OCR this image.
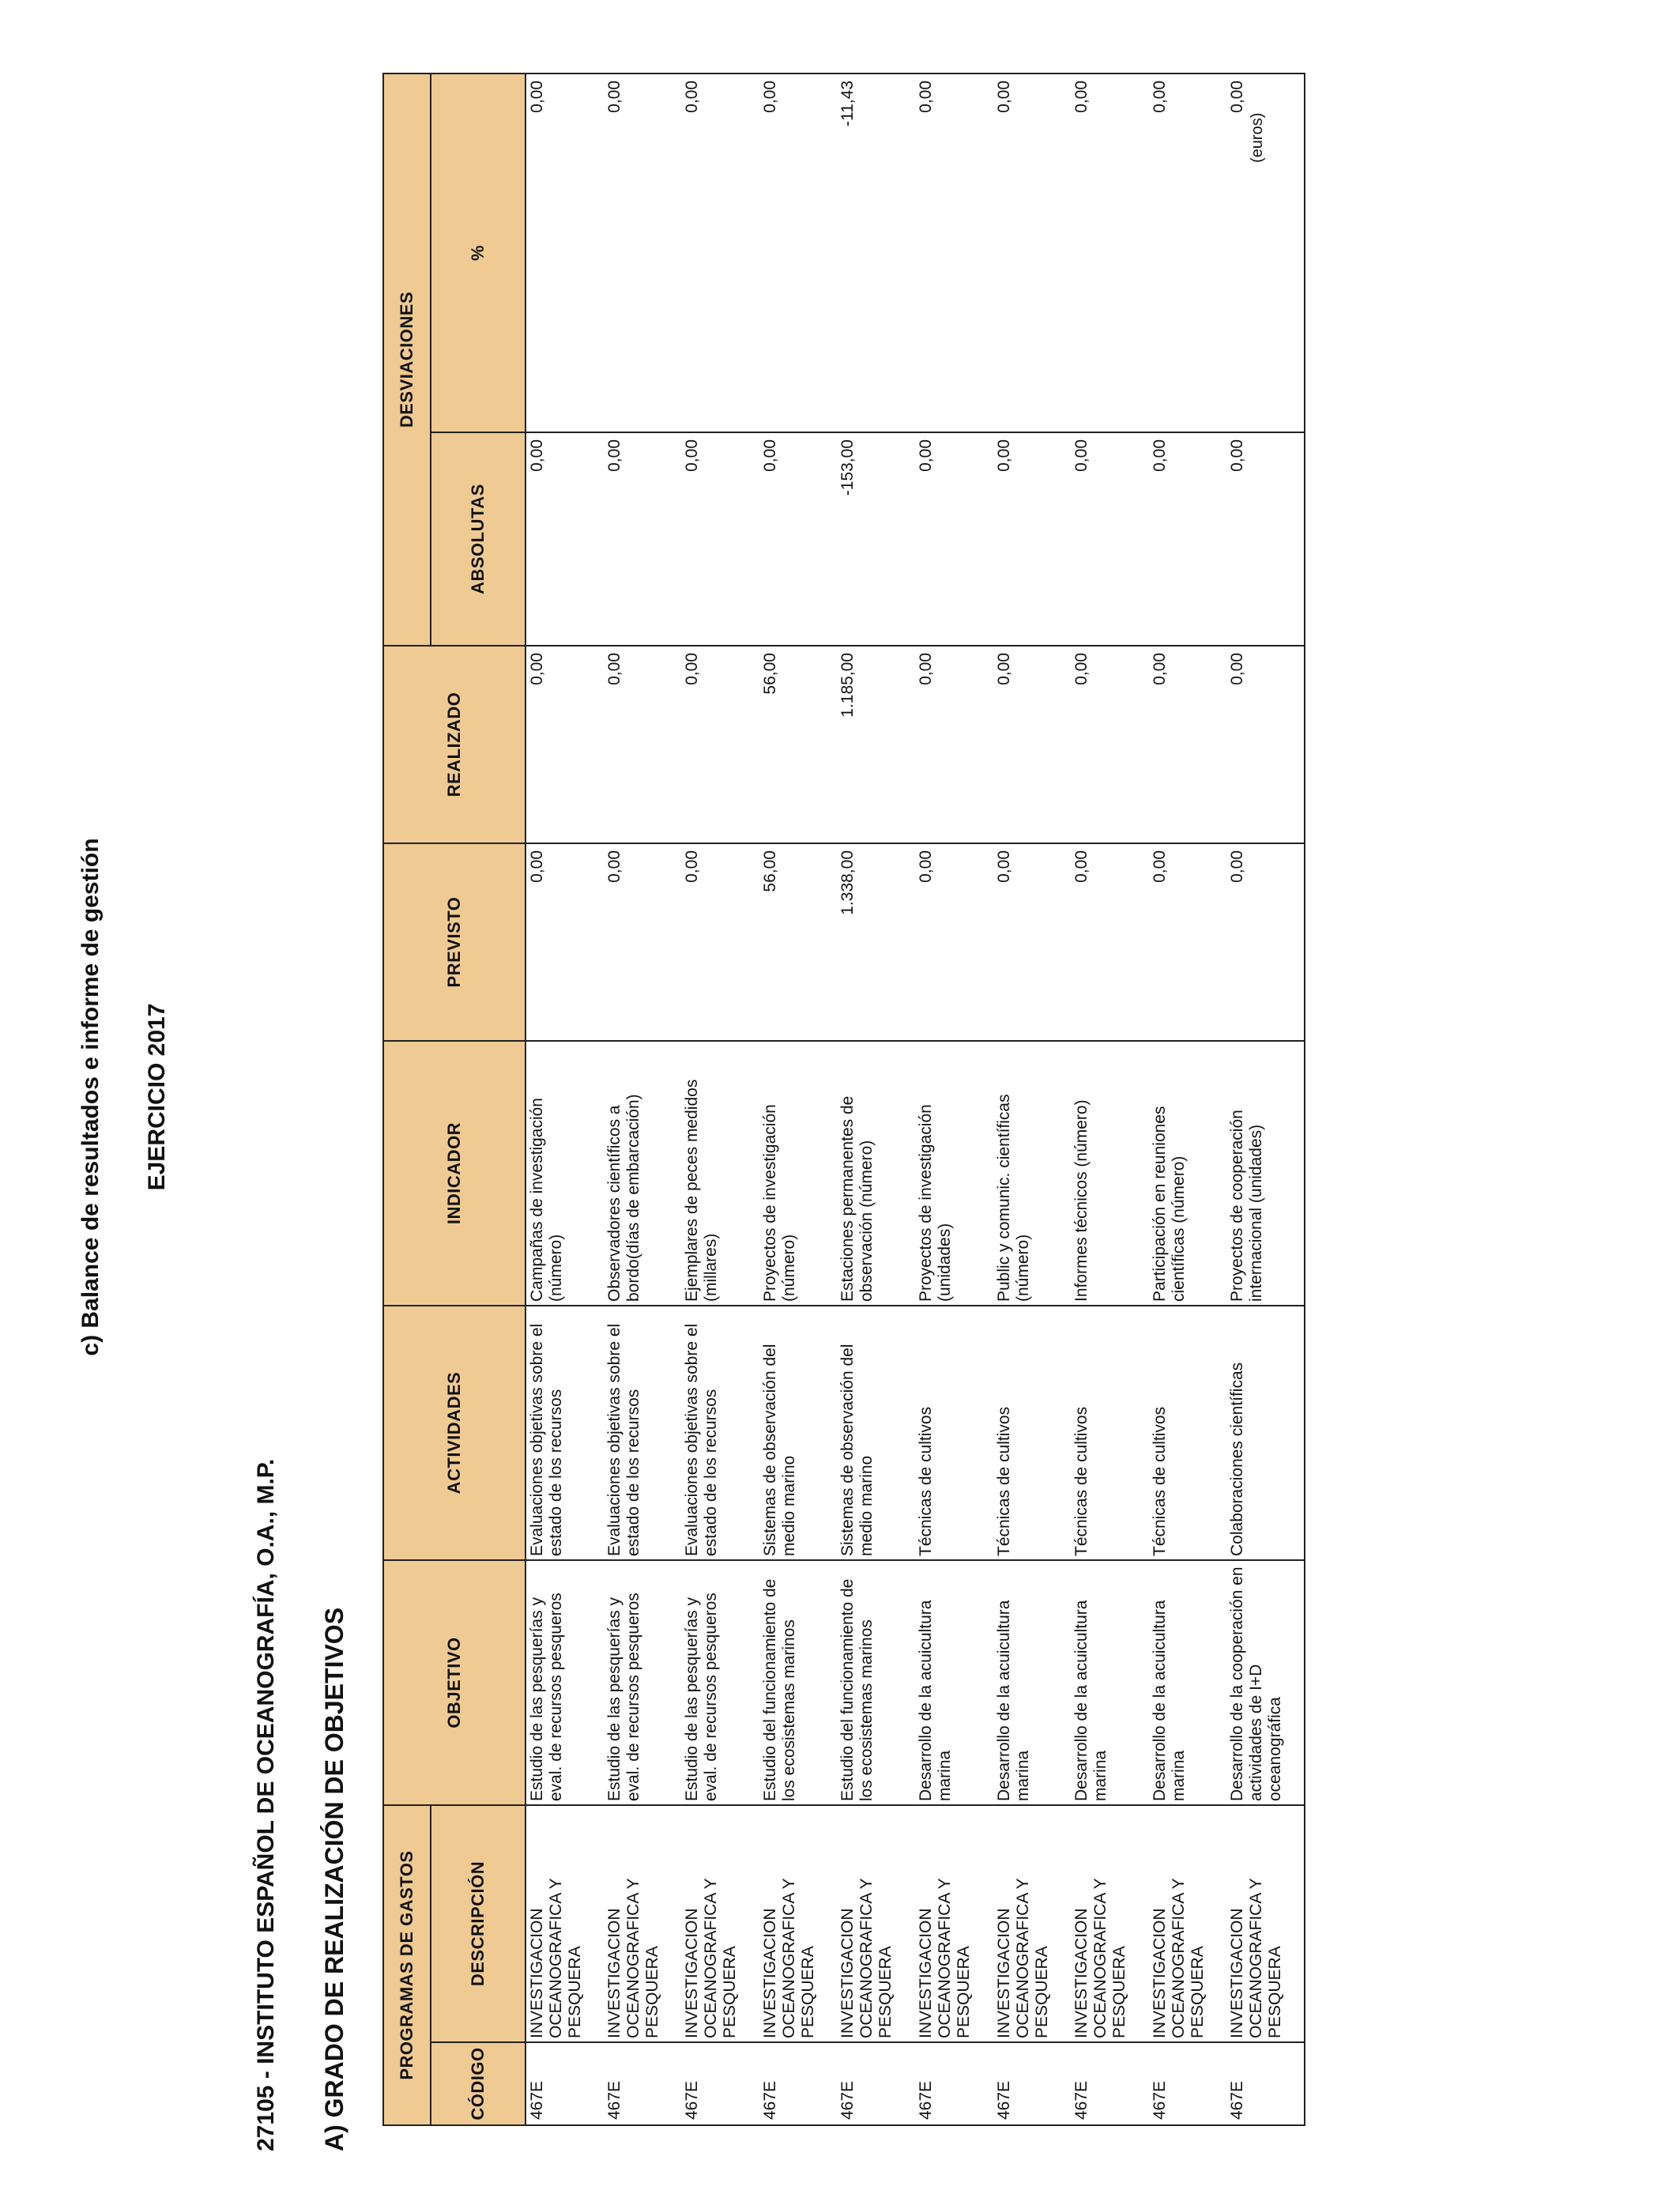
c) Balance de resultados e informe de gestión EJERCICIO 2017
27105 - INSTITUTO ESPAÑOL DE OCEANOGRAFÍA, O.A., M.P. A) GRADO DE REALIZACIÓN DE OBJETIVOS
(euros)
PROGRAMAS DE GASTOS		OBJETIVO	ACTIVIDADES	INDICADOR	PREVISTO	REALIZADO	DESVIACIONES	
CÓDIGO	DESCRIPCIÓN						ABSOLUTAS	%
467E	INVESTIGACION OCEANOGRAFICA Y PESQUERA	Estudio de las pesquerías y eval. de recursos pesqueros	Evaluaciones objetivas sobre el estado de los recursos	Campañas de investigación (número)	0,00	0,00	0,00	0,00
467E	INVESTIGACION OCEANOGRAFICA Y PESQUERA	Estudio de las pesquerías y eval. de recursos pesqueros	Evaluaciones objetivas sobre el estado de los recursos	Observadores científicos a bordo(días de embarcación)	0,00	0,00	0,00	0,00
467E	INVESTIGACION OCEANOGRAFICA Y PESQUERA	Estudio de las pesquerías y eval. de recursos pesqueros	Evaluaciones objetivas sobre el estado de los recursos	Ejemplares de peces medidos (millares)	0,00	0,00	0,00	0,00
467E	INVESTIGACION OCEANOGRAFICA Y PESQUERA	Estudio del funcionamiento de los ecosistemas marinos	Sistemas de observación del medio marino	Proyectos de investigación (número)	56,00	56,00	0,00	0,00
467E	INVESTIGACION OCEANOGRAFICA Y PESQUERA	Estudio del funcionamiento de los ecosistemas marinos	Sistemas de observación del medio marino	Estaciones permanentes de observación (número)	1.338,00	1.185,00	-153,00	-11,43
467E	INVESTIGACION OCEANOGRAFICA Y PESQUERA	Desarrollo de la acuicultura marina	Técnicas de cultivos	Proyectos de investigación (unidades)	0,00	0,00	0,00	0,00
467E	INVESTIGACION OCEANOGRAFICA Y PESQUERA	Desarrollo de la acuicultura marina	Técnicas de cultivos	Public y comunic. científicas (número)	0,00	0,00	0,00	0,00
467E	INVESTIGACION OCEANOGRAFICA Y PESQUERA	Desarrollo de la acuicultura marina	Técnicas de cultivos	Informes técnicos (número)	0,00	0,00	0,00	0,00
467E	INVESTIGACION OCEANOGRAFICA Y PESQUERA	Desarrollo de la acuicultura marina	Técnicas de cultivos	Participación en reuniones científicas (número)	0,00	0,00	0,00	0,00
467E	INVESTIGACION OCEANOGRAFICA Y PESQUERA	Desarrollo de la cooperación en actividades de I+D oceanográfica	Colaboraciones científicas	Proyectos de cooperación internacional (unidades)	0,00	0,00	0,00	0,00
